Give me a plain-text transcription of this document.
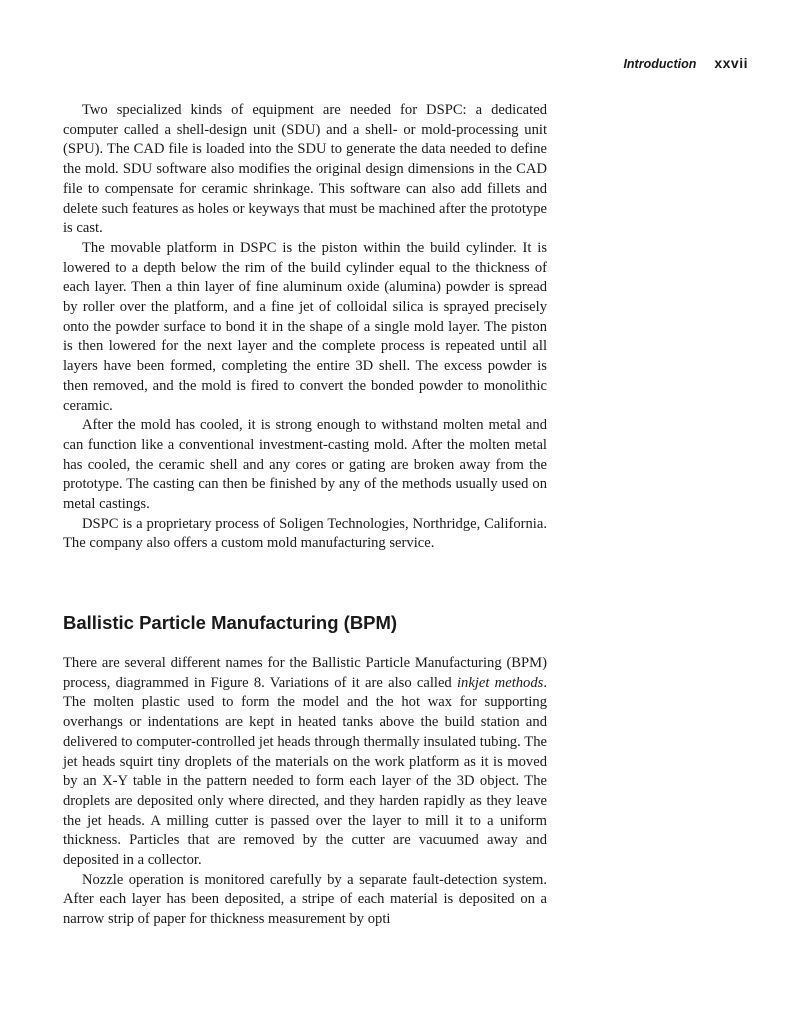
Introduction xxvii

Two specialized kinds of equipment are needed for DSPC: a dedicated computer called a shell-design unit (SDU) and a shell- or mold-processing unit (SPU). The CAD file is loaded into the SDU to generate the data needed to define the mold. SDU software also modifies the original design dimensions in the CAD file to compensate for ceramic shrinkage. This software can also add fillets and delete such features as holes or keyways that must be machined after the prototype is cast.

The movable platform in DSPC is the piston within the build cylinder. It is lowered to a depth below the rim of the build cylinder equal to the thickness of each layer. Then a thin layer of fine aluminum oxide (alumina) powder is spread by roller over the platform, and a fine jet of colloidal silica is sprayed precisely onto the powder surface to bond it in the shape of a single mold layer. The piston is then lowered for the next layer and the complete process is repeated until all layers have been formed, completing the entire 3D shell. The excess powder is then removed, and the mold is fired to convert the bonded powder to monolithic ceramic.

After the mold has cooled, it is strong enough to withstand molten metal and can function like a conventional investment-casting mold. After the molten metal has cooled, the ceramic shell and any cores or gating are broken away from the prototype. The casting can then be finished by any of the methods usually used on metal castings.

DSPC is a proprietary process of Soligen Technologies, Northridge, California. The company also offers a custom mold manufacturing service.

Ballistic Particle Manufacturing (BPM)

There are several different names for the Ballistic Particle Manufacturing (BPM) process, diagrammed in Figure 8. Variations of it are also called inkjet methods. The molten plastic used to form the model and the hot wax for supporting overhangs or indentations are kept in heated tanks above the build station and delivered to computer-controlled jet heads through thermally insulated tubing. The jet heads squirt tiny droplets of the materials on the work platform as it is moved by an X-Y table in the pattern needed to form each layer of the 3D object. The droplets are deposited only where directed, and they harden rapidly as they leave the jet heads. A milling cutter is passed over the layer to mill it to a uniform thickness. Particles that are removed by the cutter are vacuumed away and deposited in a collector.

Nozzle operation is monitored carefully by a separate fault-detection system. After each layer has been deposited, a stripe of each material is deposited on a narrow strip of paper for thickness measurement by opti
